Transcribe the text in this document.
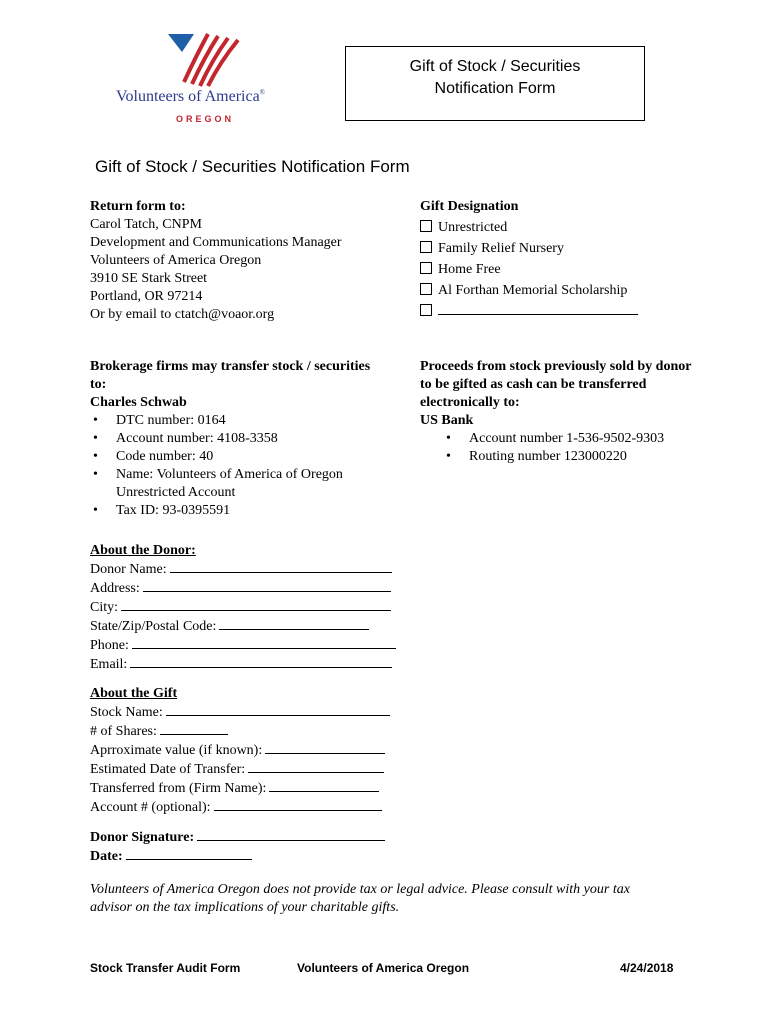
Volunteers of America®
OREGON
Gift of Stock / Securities
Notification Form
Gift of Stock / Securities Notification Form
Return form to:
Carol Tatch, CNPM
Development and Communications Manager
Volunteers of America Oregon
3910 SE Stark Street
Portland, OR 97214
Or by email to ctatch@voaor.org
Gift Designation
Unrestricted
Family Relief Nursery
Home Free
Al Forthan Memorial Scholarship
Brokerage firms may transfer stock / securities
to:
Charles Schwab
• DTC number: 0164
• Account number: 4108-3358
• Code number: 40
• Name: Volunteers of America of Oregon
Unrestricted Account
• Tax ID: 93-0395591
Proceeds from stock previously sold by donor
to be gifted as cash can be transferred
electronically to:
US Bank
• Account number 1-536-9502-9303
• Routing number 123000220
About the Donor:
Donor Name:
Address:
City:
State/Zip/Postal Code:
Phone:
Email:
About the Gift
Stock Name:
# of Shares:
Aprroximate value (if known):
Estimated Date of Transfer:
Transferred from (Firm Name):
Account # (optional):
Donor Signature:
Date:
Volunteers of America Oregon does not provide tax or legal advice. Please consult with your tax
advisor on the tax implications of your charitable gifts.
Stock Transfer Audit Form	Volunteers of America Oregon	4/24/2018
